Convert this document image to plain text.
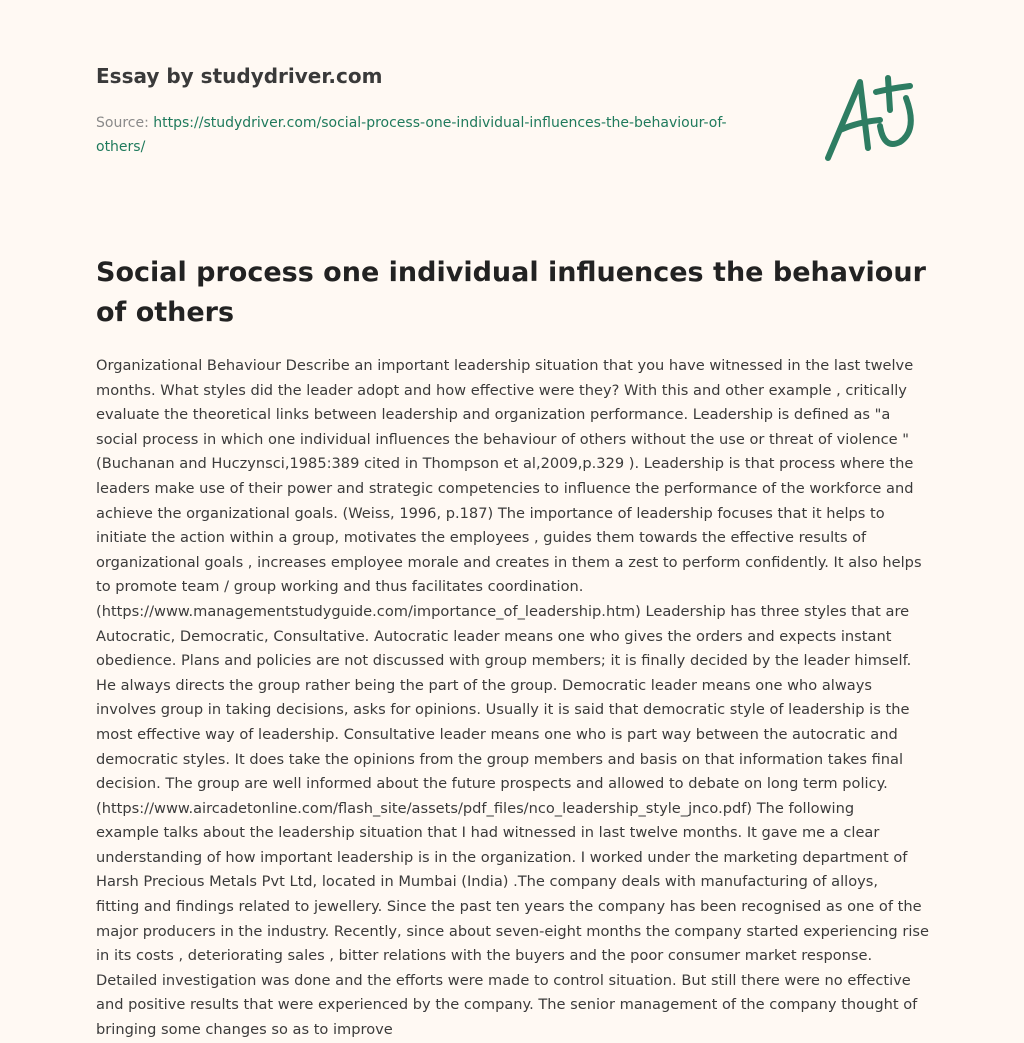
Essay by studydriver.com
Source: https://studydriver.com/social-process-one-individual-influences-the-behaviour-of-others/
Social process one individual influences the behaviour of others
Organizational Behaviour Describe an important leadership situation that you have witnessed in the last twelve
months. What styles did the leader adopt and how effective were they? With this and other example , critically
evaluate the theoretical links between leadership and organization performance. Leadership is defined as "a
social process in which one individual influences the behaviour of others without the use or threat of violence "
(Buchanan and Huczynsci,1985:389 cited in Thompson et al,2009,p.329 ). Leadership is that process where the
leaders make use of their power and strategic competencies to influence the performance of the workforce and
achieve the organizational goals. (Weiss, 1996, p.187) The importance of leadership focuses that it helps to
initiate the action within a group, motivates the employees , guides them towards the effective results of
organizational goals , increases employee morale and creates in them a zest to perform confidently. It also helps
to promote team / group working and thus facilitates coordination.
(https://www.managementstudyguide.com/importance_of_leadership.htm) Leadership has three styles that are
Autocratic, Democratic, Consultative. Autocratic leader means one who gives the orders and expects instant
obedience. Plans and policies are not discussed with group members; it is finally decided by the leader himself.
He always directs the group rather being the part of the group. Democratic leader means one who always
involves group in taking decisions, asks for opinions. Usually it is said that democratic style of leadership is the
most effective way of leadership. Consultative leader means one who is part way between the autocratic and
democratic styles. It does take the opinions from the group members and basis on that information takes final
decision. The group are well informed about the future prospects and allowed to debate on long term policy.
(https://www.aircadetonline.com/flash_site/assets/pdf_files/nco_leadership_style_jnco.pdf) The following
example talks about the leadership situation that I had witnessed in last twelve months. It gave me a clear
understanding of how important leadership is in the organization. I worked under the marketing department of
Harsh Precious Metals Pvt Ltd, located in Mumbai (India) .The company deals with manufacturing of alloys,
fitting and findings related to jewellery. Since the past ten years the company has been recognised as one of the
major producers in the industry. Recently, since about seven-eight months the company started experiencing rise
in its costs , deteriorating sales , bitter relations with the buyers and the poor consumer market response.
Detailed investigation was done and the efforts were made to control situation. But still there were no effective
and positive results that were experienced by the company. The senior management of the company thought of
bringing some changes so as to improve
